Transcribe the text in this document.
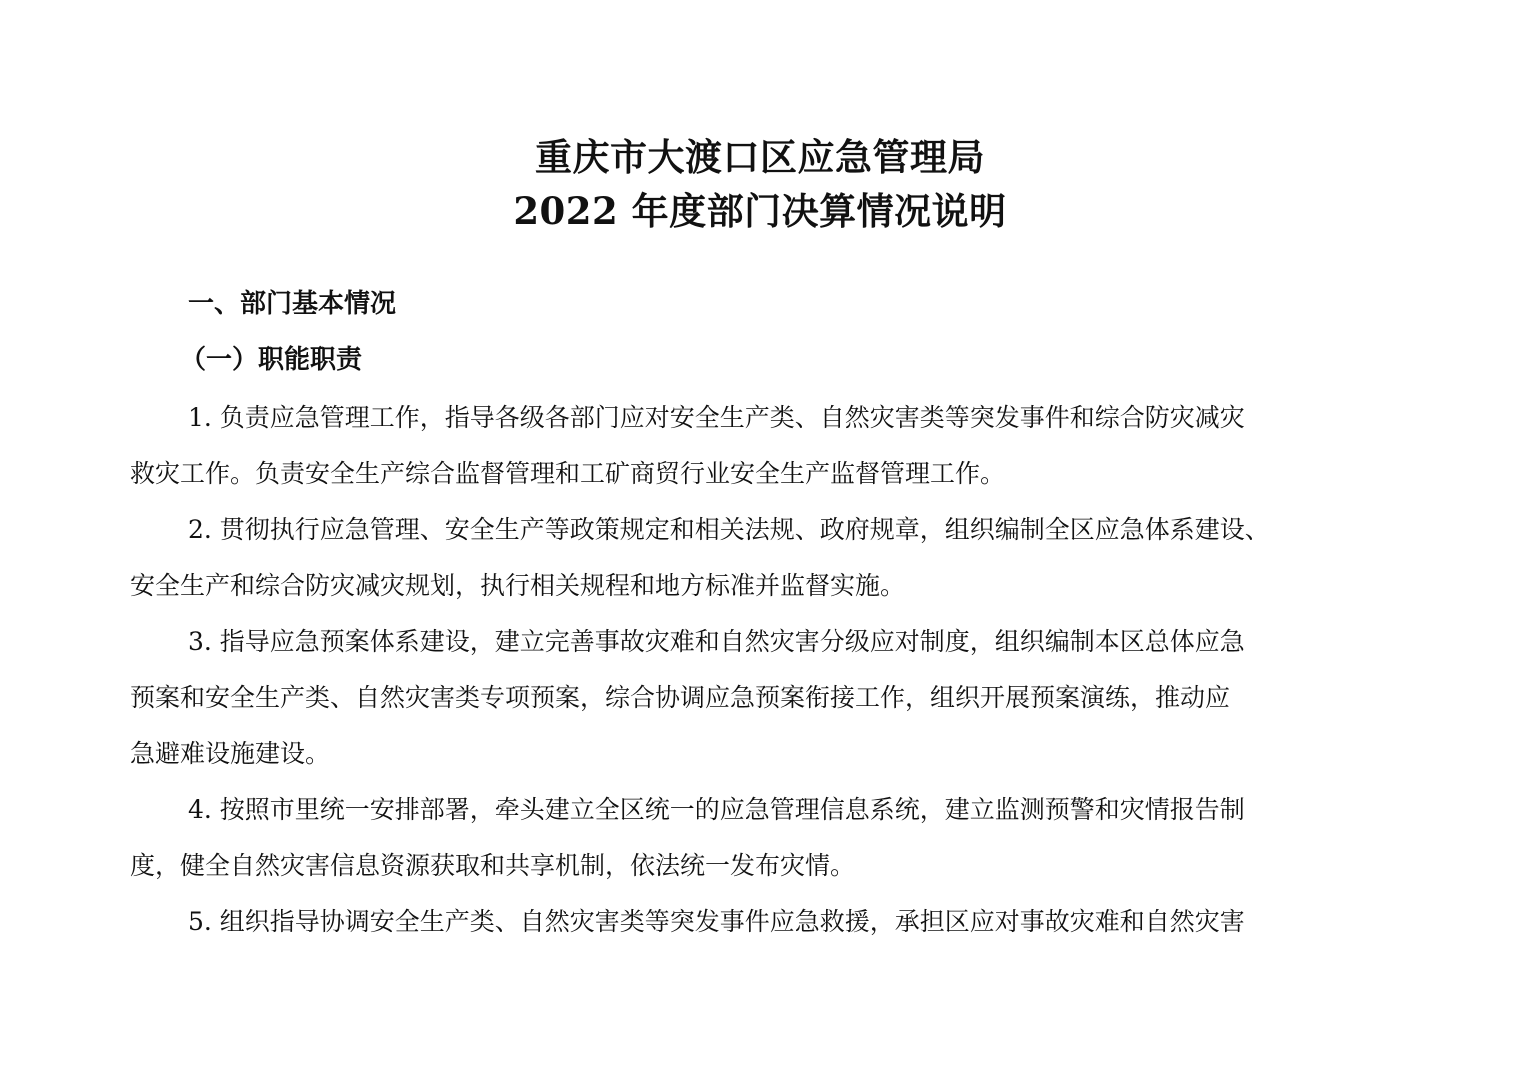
重庆市大渡口区应急管理局
2022 年度部门决算情况说明
一、部门基本情况
（一）职能职责
1. 负责应急管理工作，指导各级各部门应对安全生产类、自然灾害类等突发事件和综合防灾减灾
救灾工作。负责安全生产综合监督管理和工矿商贸行业安全生产监督管理工作。
2. 贯彻执行应急管理、安全生产等政策规定和相关法规、政府规章，组织编制全区应急体系建设、
安全生产和综合防灾减灾规划，执行相关规程和地方标准并监督实施。
3. 指导应急预案体系建设，建立完善事故灾难和自然灾害分级应对制度，组织编制本区总体应急
预案和安全生产类、自然灾害类专项预案，综合协调应急预案衔接工作，组织开展预案演练，推动应
急避难设施建设。
4. 按照市里统一安排部署，牵头建立全区统一的应急管理信息系统，建立监测预警和灾情报告制
度，健全自然灾害信息资源获取和共享机制，依法统一发布灾情。
5. 组织指导协调安全生产类、自然灾害类等突发事件应急救援，承担区应对事故灾难和自然灾害
